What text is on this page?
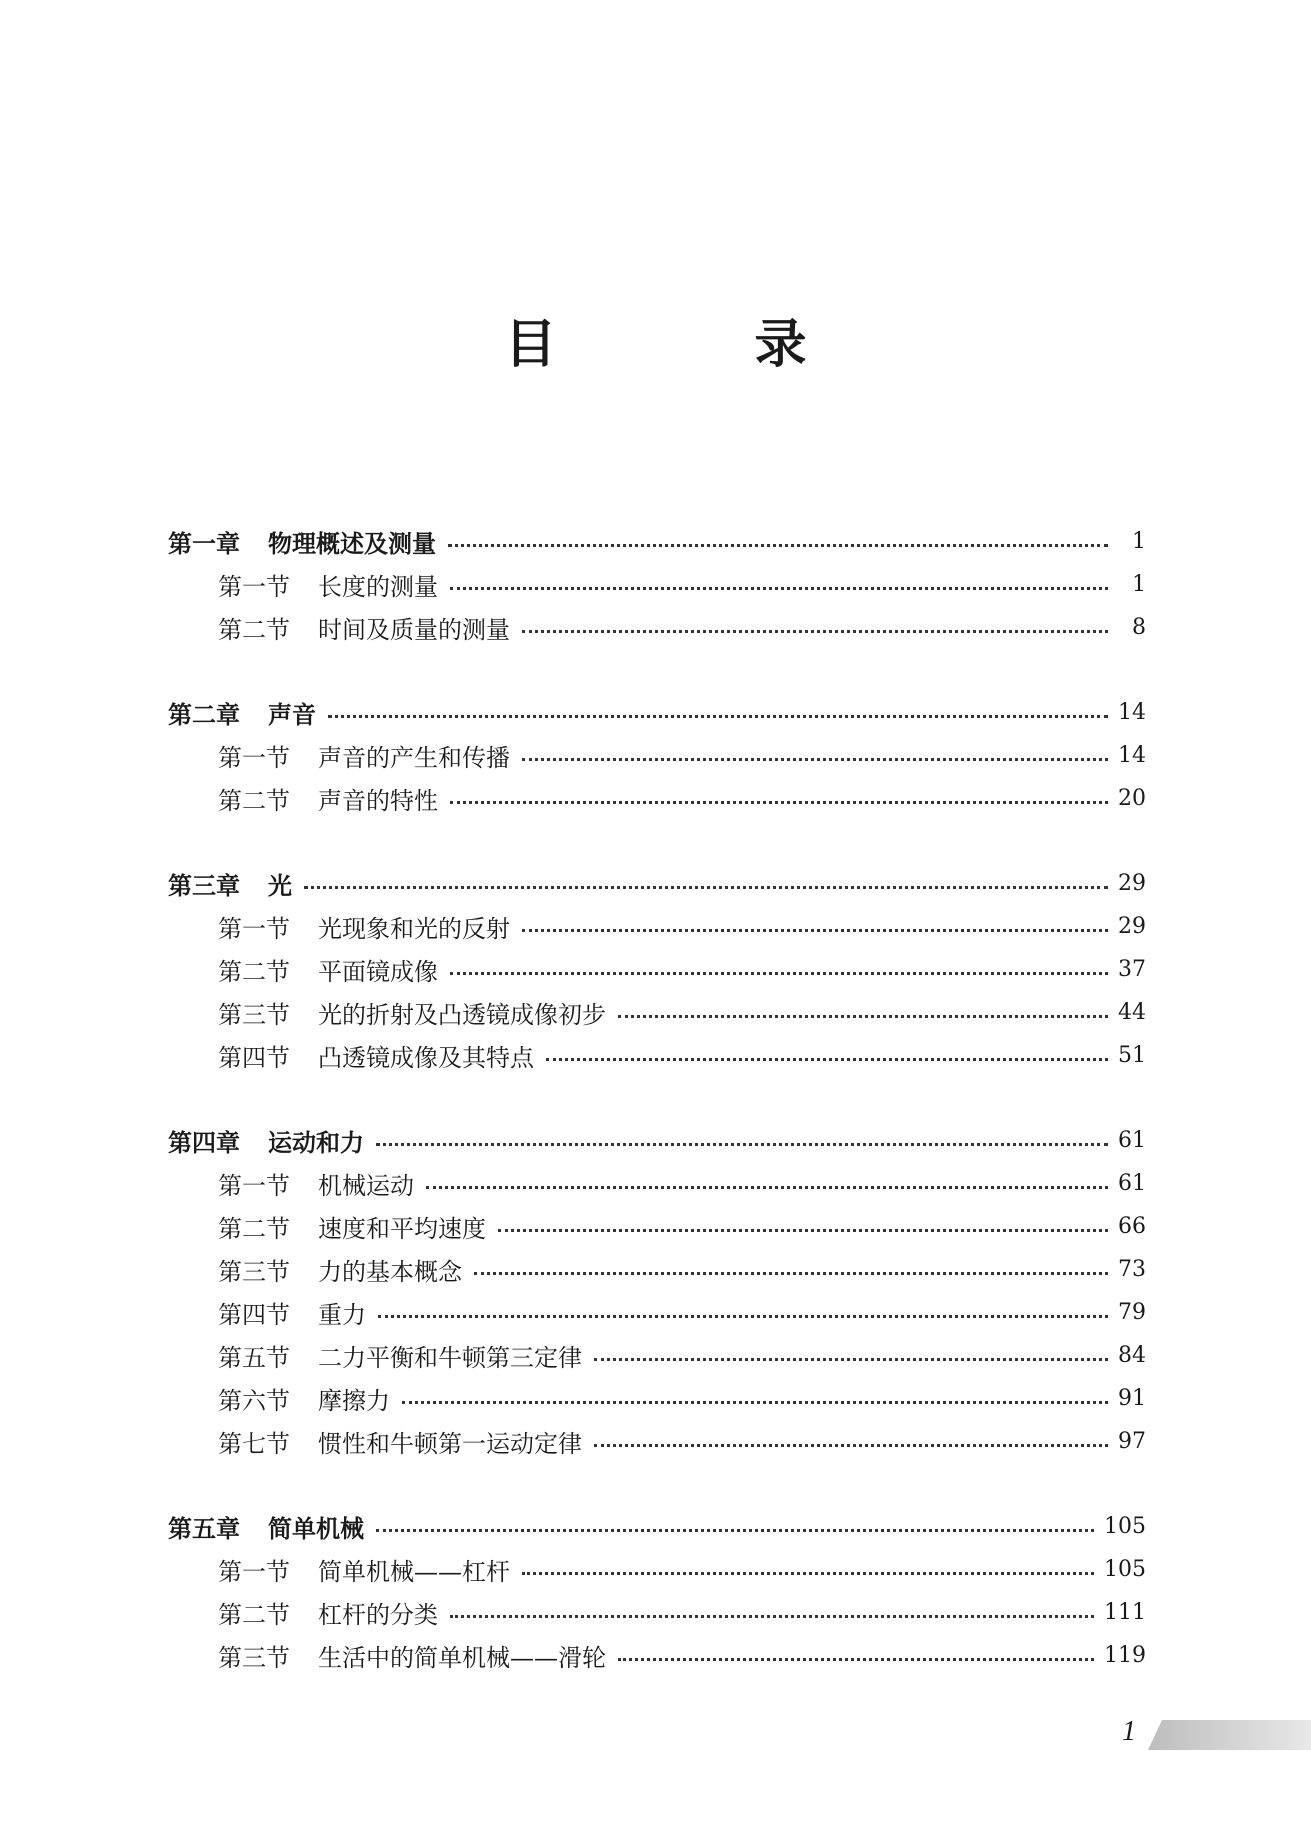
目 录
第一章	物理概述及测量	1
第一节	长度的测量	1
第二节	时间及质量的测量	8
第二章	声音	14
第一节	声音的产生和传播	14
第二节	声音的特性	20
第三章	光	29
第一节	光现象和光的反射	29
第二节	平面镜成像	37
第三节	光的折射及凸透镜成像初步	44
第四节	凸透镜成像及其特点	51
第四章	运动和力	61
第一节	机械运动	61
第二节	速度和平均速度	66
第三节	力的基本概念	73
第四节	重力	79
第五节	二力平衡和牛顿第三定律	84
第六节	摩擦力	91
第七节	惯性和牛顿第一运动定律	97
第五章	简单机械	105
第一节	简单机械——杠杆	105
第二节	杠杆的分类	111
第三节	生活中的简单机械——滑轮	119
1
